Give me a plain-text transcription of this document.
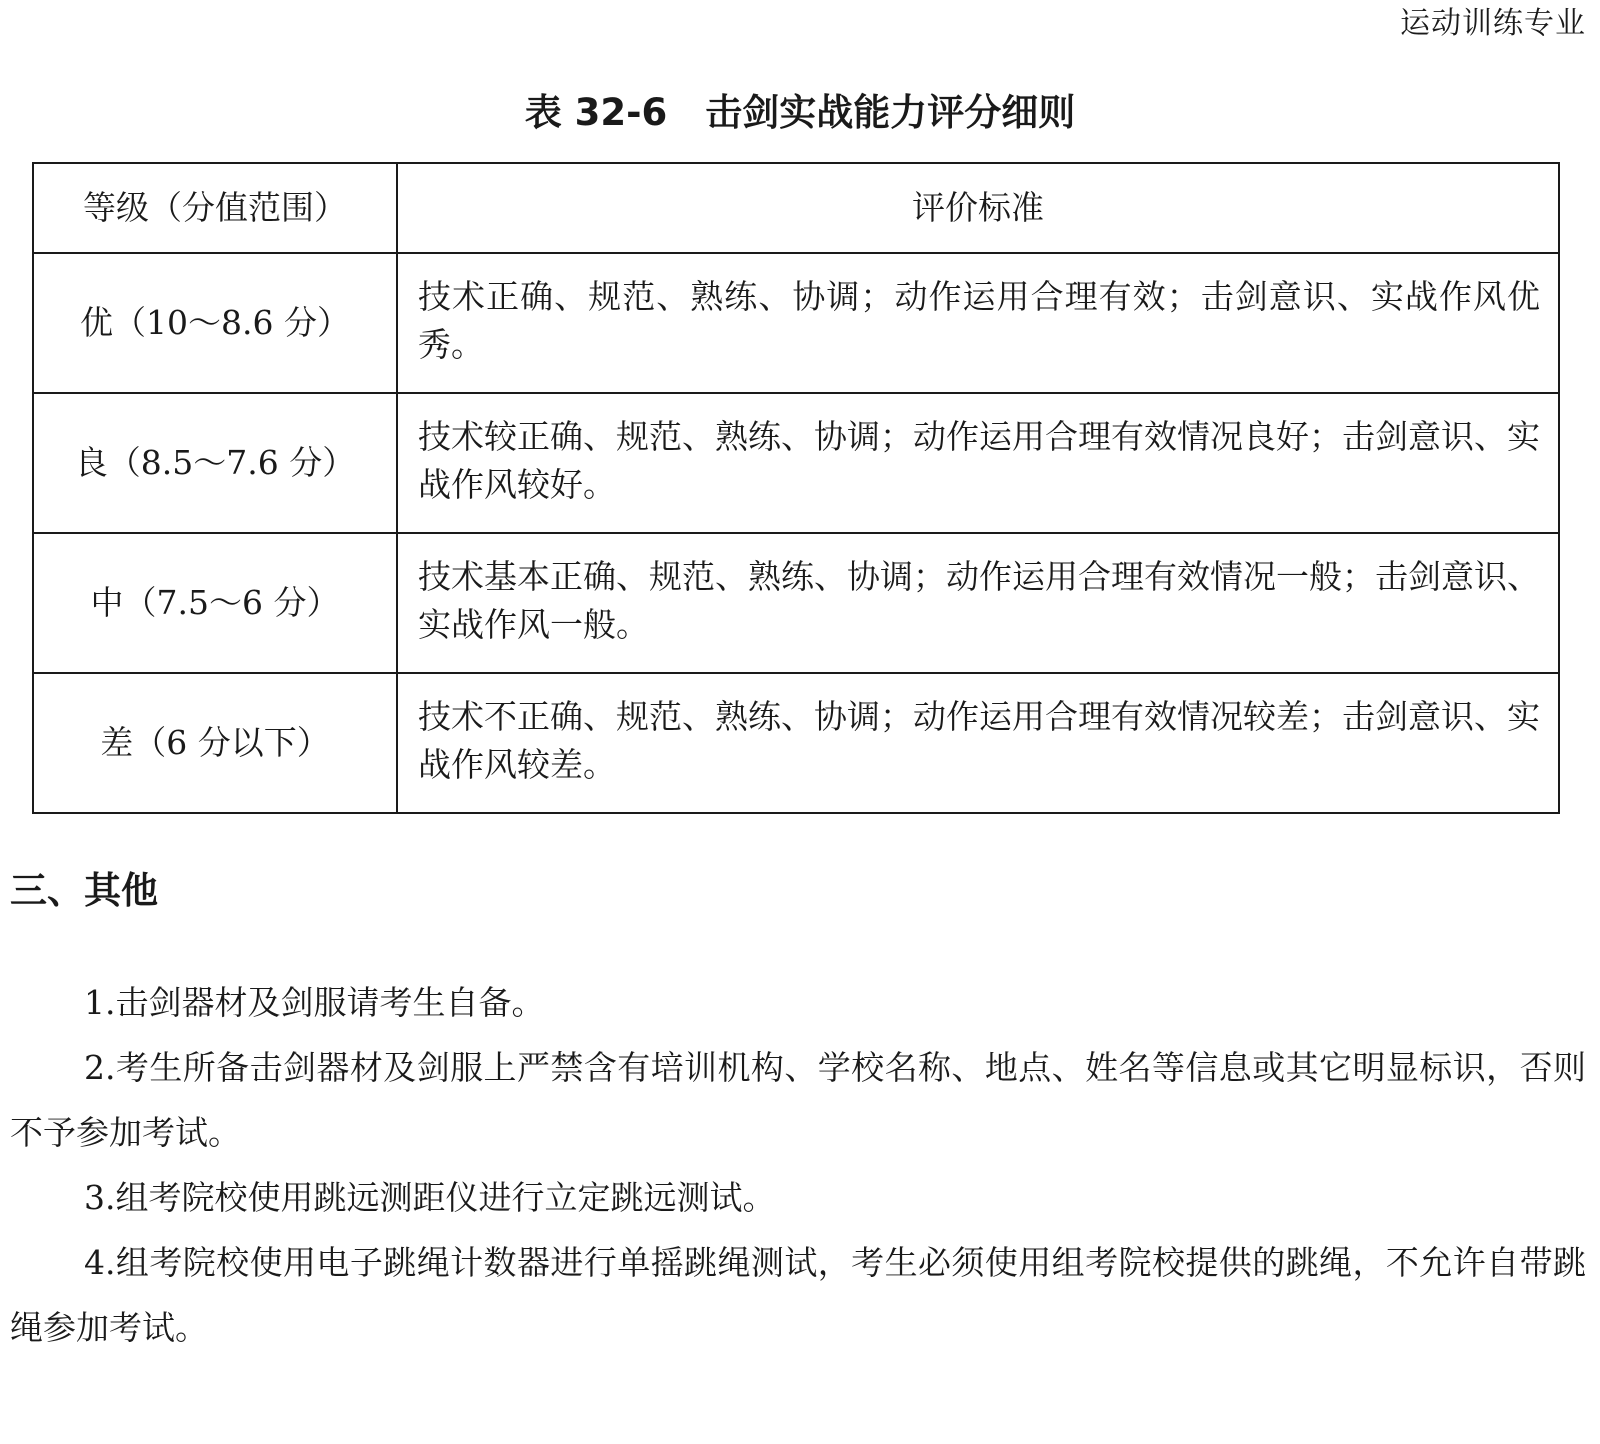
运动训练专业
表 32-6 击剑实战能力评分细则
等级（分值范围）	评价标准
优（10～8.6 分）	技术正确、规范、熟练、协调；动作运用合理有效；击剑意识、实战作风优秀。
良（8.5～7.6 分）	技术较正确、规范、熟练、协调；动作运用合理有效情况良好；击剑意识、实战作风较好。
中（7.5～6 分）	技术基本正确、规范、熟练、协调；动作运用合理有效情况一般；击剑意识、实战作风一般。
差（6 分以下）	技术不正确、规范、熟练、协调；动作运用合理有效情况较差；击剑意识、实战作风较差。
三、其他

1.击剑器材及剑服请考生自备。

2.考生所备击剑器材及剑服上严禁含有培训机构、学校名称、地点、姓名等信息或其它明显标识，否则不予参加考试。

3.组考院校使用跳远测距仪进行立定跳远测试。

4.组考院校使用电子跳绳计数器进行单摇跳绳测试，考生必须使用组考院校提供的跳绳，不允许自带跳绳参加考试。
